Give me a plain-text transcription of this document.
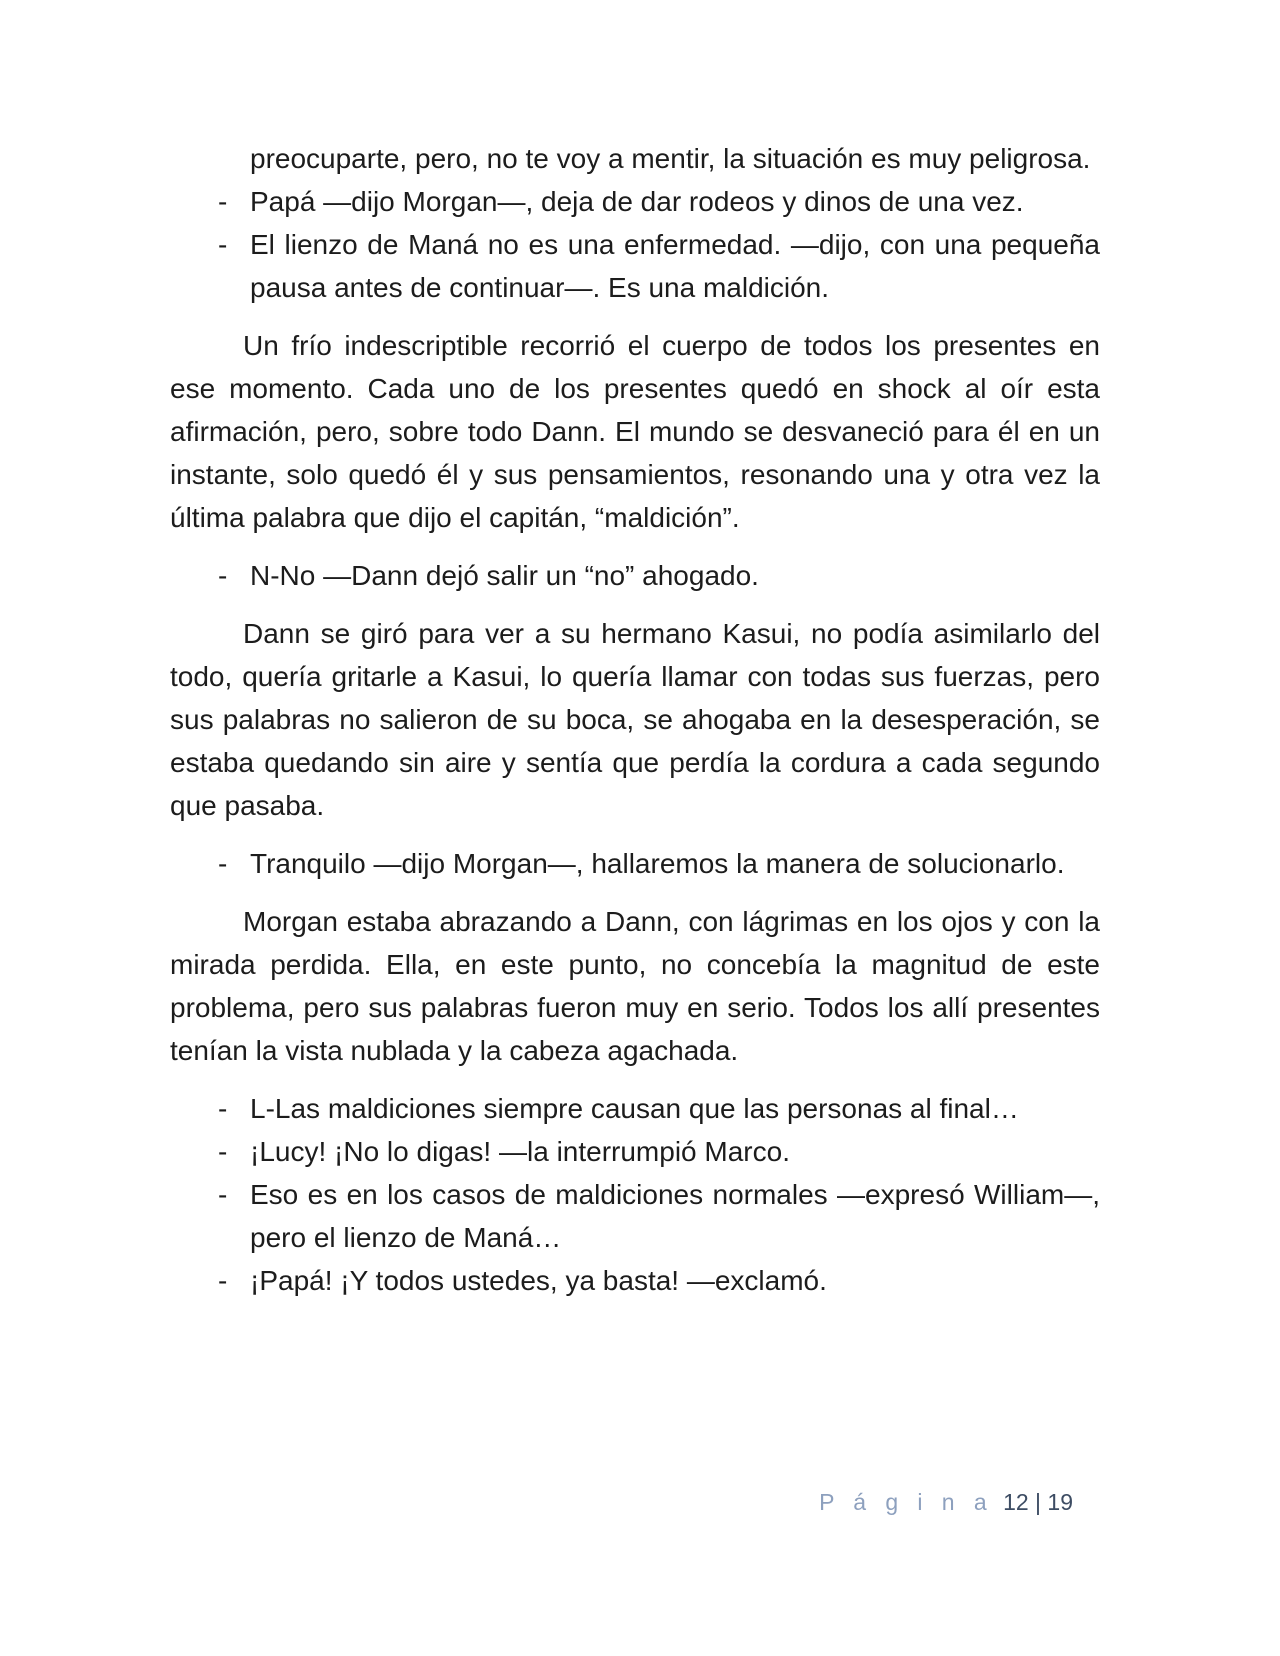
preocuparte, pero, no te voy a mentir, la situación es muy peligrosa.
- Papá —dijo Morgan—, deja de dar rodeos y dinos de una vez.
- El lienzo de Maná no es una enfermedad. —dijo, con una pequeña pausa antes de continuar—. Es una maldición.
Un frío indescriptible recorrió el cuerpo de todos los presentes en ese momento. Cada uno de los presentes quedó en shock al oír esta afirmación, pero, sobre todo Dann. El mundo se desvaneció para él en un instante, solo quedó él y sus pensamientos, resonando una y otra vez la última palabra que dijo el capitán, “maldición”.
- N-No —Dann dejó salir un “no” ahogado.
Dann se giró para ver a su hermano Kasui, no podía asimilarlo del todo, quería gritarle a Kasui, lo quería llamar con todas sus fuerzas, pero sus palabras no salieron de su boca, se ahogaba en la desesperación, se estaba quedando sin aire y sentía que perdía la cordura a cada segundo que pasaba.
- Tranquilo —dijo Morgan—, hallaremos la manera de solucionarlo.
Morgan estaba abrazando a Dann, con lágrimas en los ojos y con la mirada perdida. Ella, en este punto, no concebía la magnitud de este problema, pero sus palabras fueron muy en serio. Todos los allí presentes tenían la vista nublada y la cabeza agachada.
- L-Las maldiciones siempre causan que las personas al final…
- ¡Lucy! ¡No lo digas! —la interrumpió Marco.
- Eso es en los casos de maldiciones normales —expresó William—, pero el lienzo de Maná…
- ¡Papá! ¡Y todos ustedes, ya basta! —exclamó.
P á g i n a 12 | 19
